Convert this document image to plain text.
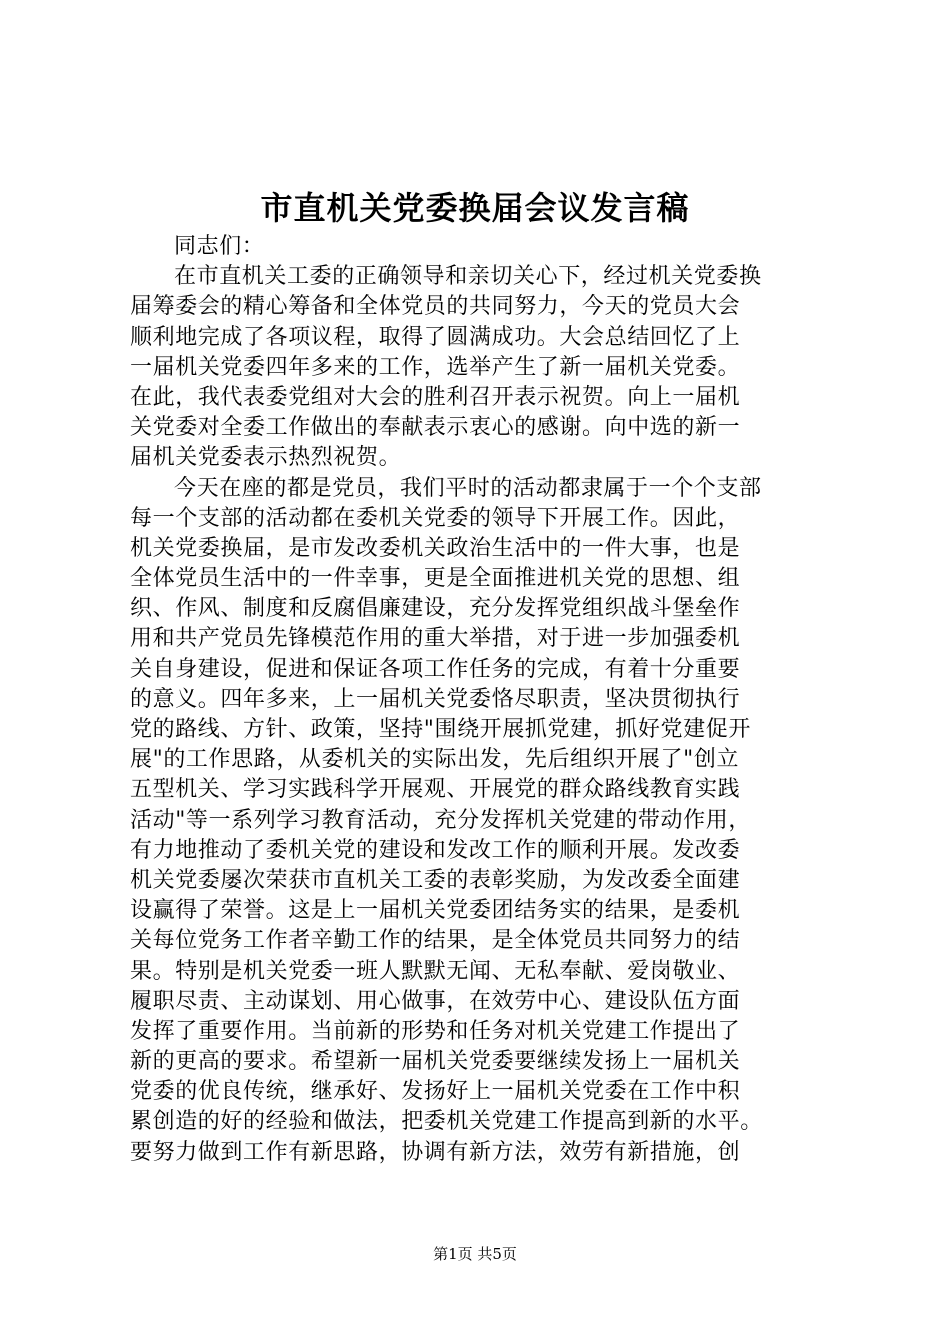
市直机关党委换届会议发言稿
同志们：
在市直机关工委的正确领导和亲切关心下，经过机关党委换
届筹委会的精心筹备和全体党员的共同努力，今天的党员大会
顺利地完成了各项议程，取得了圆满成功。大会总结回忆了上
一届机关党委四年多来的工作，选举产生了新一届机关党委。
在此，我代表委党组对大会的胜利召开表示祝贺。向上一届机
关党委对全委工作做出的奉献表示衷心的感谢。向中选的新一
届机关党委表示热烈祝贺。
今天在座的都是党员，我们平时的活动都隶属于一个个支部
每一个支部的活动都在委机关党委的领导下开展工作。因此，
机关党委换届，是市发改委机关政治生活中的一件大事，也是
全体党员生活中的一件幸事，更是全面推进机关党的思想、组
织、作风、制度和反腐倡廉建设，充分发挥党组织战斗堡垒作
用和共产党员先锋模范作用的重大举措，对于进一步加强委机
关自身建设，促进和保证各项工作任务的完成，有着十分重要
的意义。四年多来，上一届机关党委恪尽职责，坚决贯彻执行
党的路线、方针、政策，坚持"围绕开展抓党建，抓好党建促开
展"的工作思路，从委机关的实际出发，先后组织开展了"创立
五型机关、学习实践科学开展观、开展党的群众路线教育实践
活动"等一系列学习教育活动，充分发挥机关党建的带动作用，
有力地推动了委机关党的建设和发改工作的顺利开展。发改委
机关党委屡次荣获市直机关工委的表彰奖励，为发改委全面建
设赢得了荣誉。这是上一届机关党委团结务实的结果，是委机
关每位党务工作者辛勤工作的结果，是全体党员共同努力的结
果。特别是机关党委一班人默默无闻、无私奉献、爱岗敬业、
履职尽责、主动谋划、用心做事，在效劳中心、建设队伍方面
发挥了重要作用。当前新的形势和任务对机关党建工作提出了
新的更高的要求。希望新一届机关党委要继续发扬上一届机关
党委的优良传统，继承好、发扬好上一届机关党委在工作中积
累创造的好的经验和做法，把委机关党建工作提高到新的水平。
要努力做到工作有新思路，协调有新方法，效劳有新措施，创
第1页 共5页
